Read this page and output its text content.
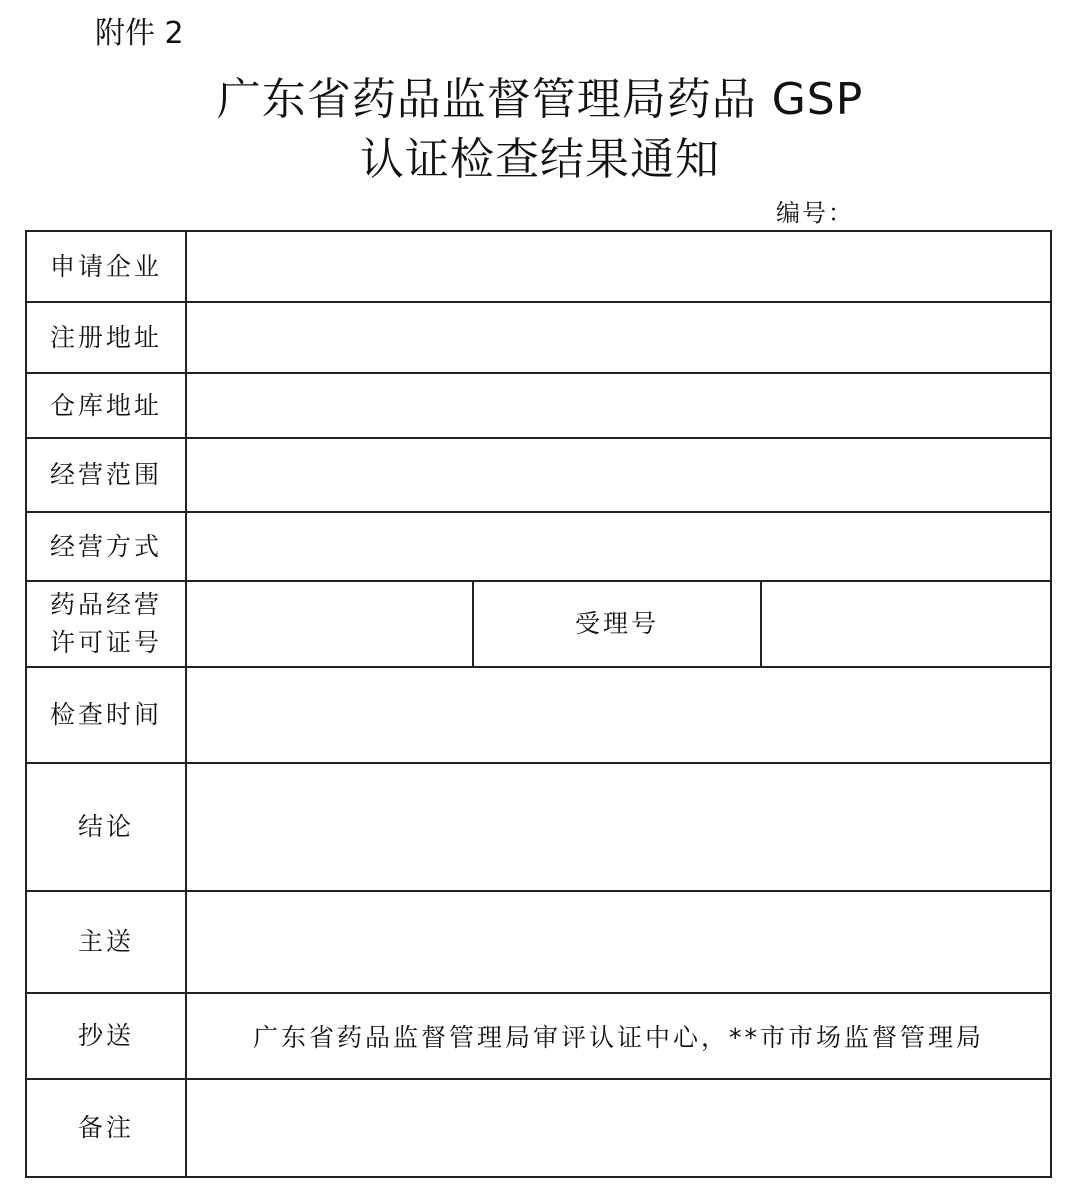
附件 2
广东省药品监督管理局药品 GSP
认证检查结果通知
编号：
申请企业			
注册地址			
仓库地址			
经营范围			
经营方式			

药品经营
许可证号		受理号	
检查时间			
结论			
主送			
抄送	广东省药品监督管理局审评认证中心，**市市场监督管理局		
备注			
